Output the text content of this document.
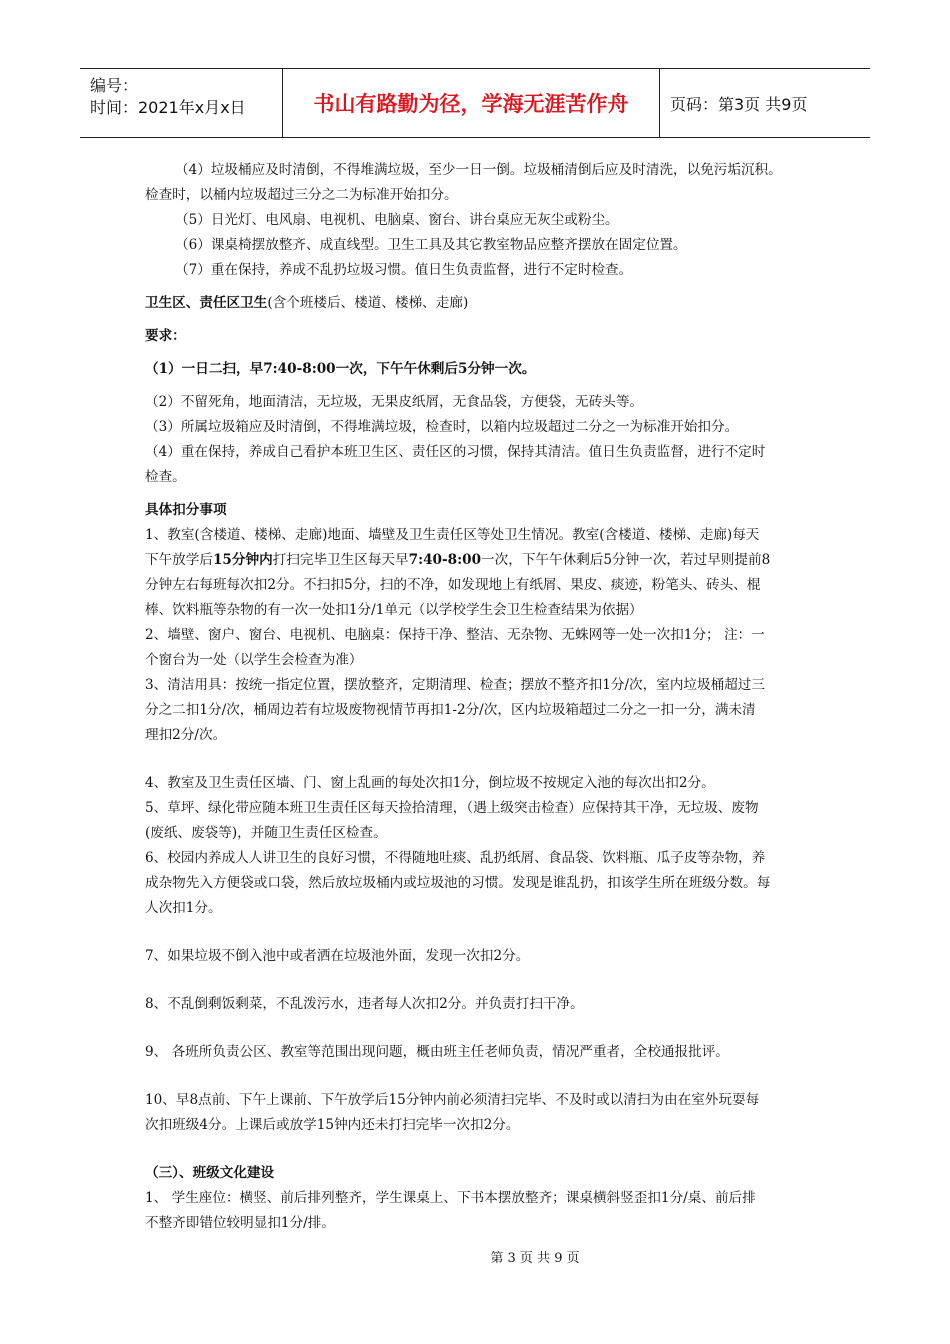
编号：
时间：2021年x月x日	书山有路勤为径，学海无涯苦作舟	页码：第3页 共9页
（4）垃圾桶应及时清倒，不得堆满垃圾，至少一日一倒。垃圾桶清倒后应及时清洗，以免污垢沉积。
检查时，以桶内垃圾超过三分之二为标准开始扣分。
（5）日光灯、电风扇、电视机、电脑桌、窗台、讲台桌应无灰尘或粉尘。
（6）课桌椅摆放整齐、成直线型。卫生工具及其它教室物品应整齐摆放在固定位置。
（7）重在保持，养成不乱扔垃圾习惯。值日生负责监督，进行不定时检查。
卫生区、责任区卫生(含个班楼后、楼道、楼梯、走廊)
要求：
（1）一日二扫，早7:40-8:00一次，下午午休剩后5分钟一次。
（2）不留死角，地面清洁，无垃圾，无果皮纸屑，无食品袋，方便袋，无砖头等。
（3）所属垃圾箱应及时清倒，不得堆满垃圾，检查时，以箱内垃圾超过二分之一为标准开始扣分。
（4）重在保持，养成自己看护本班卫生区、责任区的习惯，保持其清洁。值日生负责监督，进行不定时
检查。
具体扣分事项
1、教室(含楼道、楼梯、走廊)地面、墙壁及卫生责任区等处卫生情况。教室(含楼道、楼梯、走廊)每天
下午放学后15分钟内打扫完毕卫生区每天早7:40-8:00一次，下午午休剩后5分钟一次，若过早则提前8
分钟左右每班每次扣2分。不扫扣5分，扫的不净，如发现地上有纸屑、果皮、痰迹，粉笔头、砖头、棍
棒、饮料瓶等杂物的有一次一处扣1分/1单元（以学校学生会卫生检查结果为依据）
2、墙壁、窗户、窗台、电视机、电脑桌：保持干净、整洁、无杂物、无蛛网等一处一次扣1分； 注：一
个窗台为一处（以学生会检查为准）
3、清洁用具：按统一指定位置，摆放整齐，定期清理、检查；摆放不整齐扣1分/次，室内垃圾桶超过三
分之二扣1分/次，桶周边若有垃圾废物视情节再扣1-2分/次，区内垃圾箱超过二分之一扣一分，满未清
理扣2分/次。
4、教室及卫生责任区墙、门、窗上乱画的每处次扣1分，倒垃圾不按规定入池的每次出扣2分。
5、草坪、绿化带应随本班卫生责任区每天捡拾清理，（遇上级突击检查）应保持其干净，无垃圾、废物
(废纸、废袋等)，并随卫生责任区检查。
6、校园内养成人人讲卫生的良好习惯，不得随地吐痰、乱扔纸屑、食品袋、饮料瓶、瓜子皮等杂物，养
成杂物先入方便袋或口袋，然后放垃圾桶内或垃圾池的习惯。发现是谁乱扔，扣该学生所在班级分数。每
人次扣1分。
7、如果垃圾不倒入池中或者洒在垃圾池外面，发现一次扣2分。
8、不乱倒剩饭剩菜，不乱泼污水，违者每人次扣2分。并负责打扫干净。
9、 各班所负责公区、教室等范围出现问题，概由班主任老师负责，情况严重者，全校通报批评。
10、早8点前、下午上课前、下午放学后15分钟内前必须清扫完毕、不及时或以清扫为由在室外玩耍每
次扣班级4分。上课后或放学15钟内还未打扫完毕一次扣2分。
（三）、班级文化建设
1、 学生座位：横竖、前后排列整齐，学生课桌上、下书本摆放整齐；课桌横斜竖歪扣1分/桌、前后排
不整齐即错位较明显扣1分/排。
第 3 页 共 9 页
